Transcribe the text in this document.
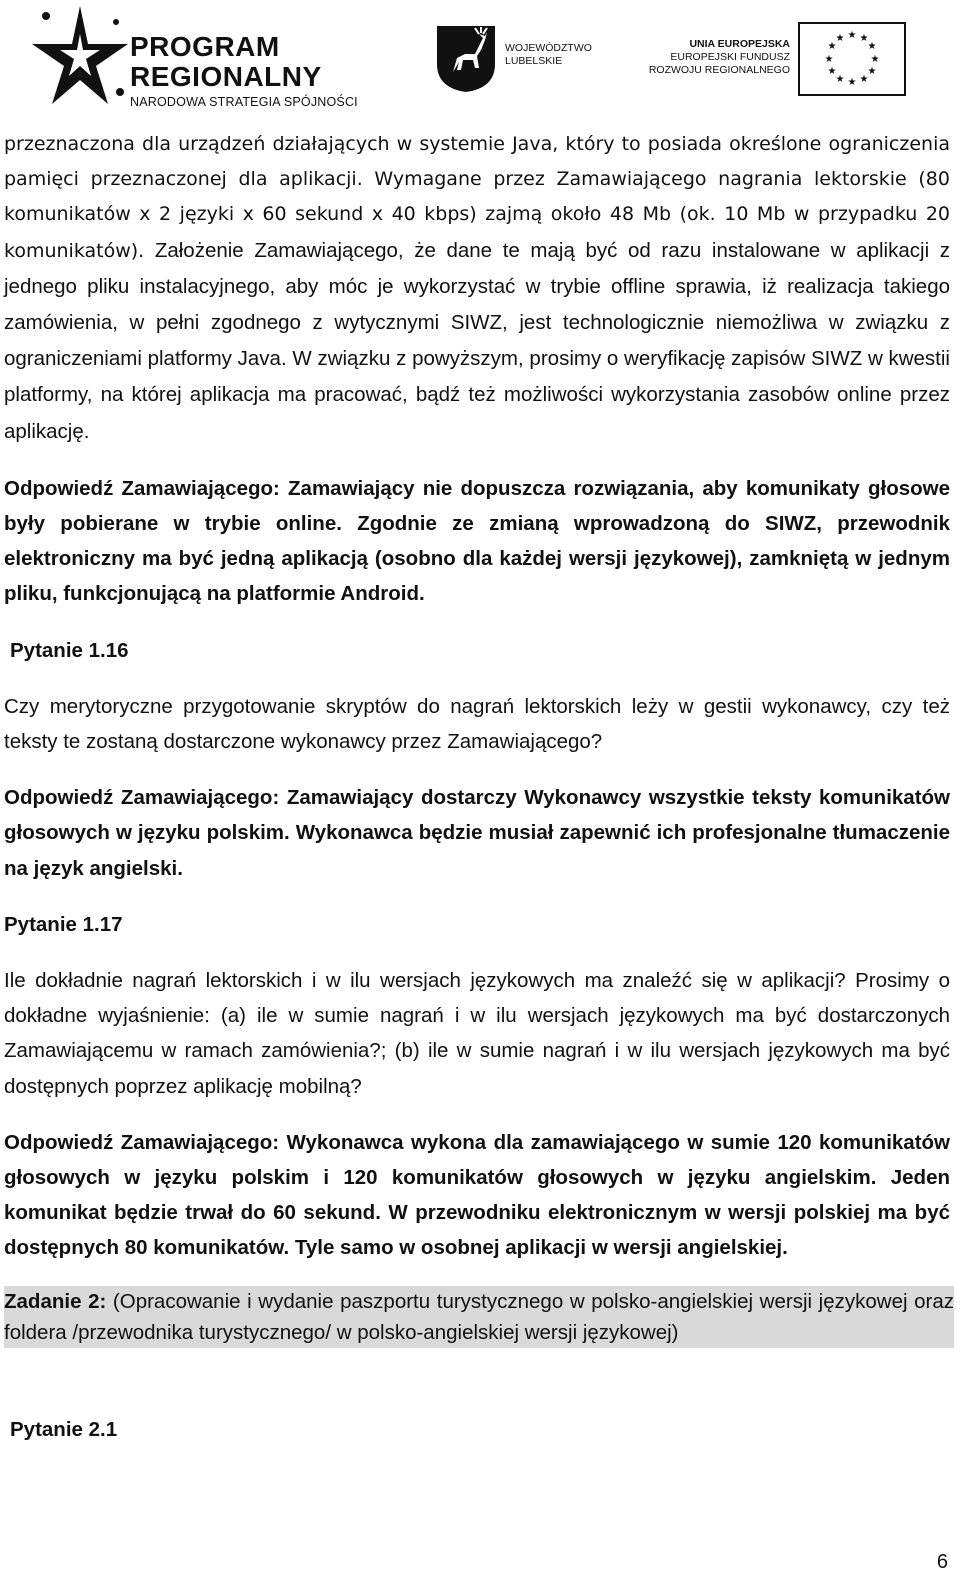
PROGRAM
REGIONALNY
NARODOWA STRATEGIA SPÓJNOŚCI
WOJEWÓDZTWO
LUBELSKIE
UNIA EUROPEJSKA
EUROPEJSKI FUNDUSZ
ROZWOJU REGIONALNEGO
★ ★
★
★
★
★
★
★
★
★
★
★

przeznaczona dla urządzeń działających w systemie Java, który to posiada określone ograniczenia pamięci przeznaczonej dla aplikacji. Wymagane przez Zamawiającego nagrania lektorskie (80 komunikatów x 2 języki x 60 sekund x 40 kbps) zajmą około 48 Mb (ok. 10 Mb w przypadku 20 komunikatów). Założenie Zamawiającego, że dane te mają być od razu instalowane w aplikacji z jednego pliku instalacyjnego, aby móc je wykorzystać w trybie offline sprawia, iż realizacja takiego zamówienia, w pełni zgodnego z wytycznymi SIWZ, jest technologicznie niemożliwa w związku z ograniczeniami platformy Java. W związku z powyższym, prosimy o weryfikację zapisów SIWZ w kwestii platformy, na której aplikacja ma pracować, bądź też możliwości wykorzystania zasobów online przez aplikację.

Odpowiedź Zamawiającego: Zamawiający nie dopuszcza rozwiązania, aby komunikaty głosowe były pobierane w trybie online. Zgodnie ze zmianą wprowadzoną do SIWZ, przewodnik elektroniczny ma być jedną aplikacją (osobno dla każdej wersji językowej), zamkniętą w jednym pliku, funkcjonującą na platformie Android.

Pytanie 1.16

Czy merytoryczne przygotowanie skryptów do nagrań lektorskich leży w gestii wykonawcy, czy też teksty te zostaną dostarczone wykonawcy przez Zamawiającego?

Odpowiedź Zamawiającego: Zamawiający dostarczy Wykonawcy wszystkie teksty komunikatów głosowych w języku polskim. Wykonawca będzie musiał zapewnić ich profesjonalne tłumaczenie na język angielski.

Pytanie 1.17

Ile dokładnie nagrań lektorskich i w ilu wersjach językowych ma znaleźć się w aplikacji? Prosimy o dokładne wyjaśnienie: (a) ile w sumie nagrań i w ilu wersjach językowych ma być dostarczonych Zamawiającemu w ramach zamówienia?; (b) ile w sumie nagrań i w ilu wersjach językowych ma być dostępnych poprzez aplikację mobilną?

Odpowiedź Zamawiającego: Wykonawca wykona dla zamawiającego w sumie 120 komunikatów głosowych w języku polskim i 120 komunikatów głosowych w języku angielskim. Jeden komunikat będzie trwał do 60 sekund. W przewodniku elektronicznym w wersji polskiej ma być dostępnych 80 komunikatów. Tyle samo w osobnej aplikacji w wersji angielskiej.

Zadanie 2: (Opracowanie i wydanie paszportu turystycznego w polsko-angielskiej wersji językowej oraz foldera /przewodnika turystycznego/ w polsko-angielskiej wersji językowej)

Pytanie 2.1

6
